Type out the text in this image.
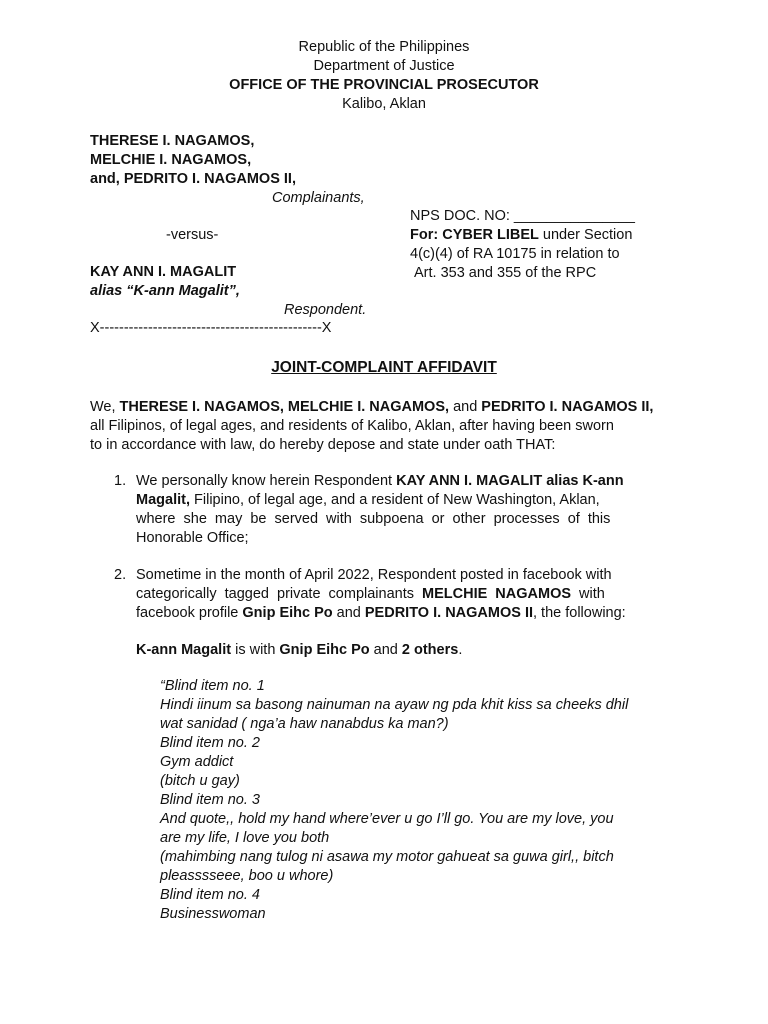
Republic of the Philippines
Department of Justice
OFFICE OF THE PROVINCIAL PROSECUTOR
Kalibo, Aklan
THERESE I. NAGAMOS,
MELCHIE I. NAGAMOS,
and, PEDRITO I. NAGAMOS II,
Complainants,
-versus-
KAY ANN I. MAGALIT
alias “K-ann Magalit”,
Respondent.
X----------------------------------------------X
NPS DOC. NO: _______________
For: CYBER LIBEL under Section
4(c)(4) of RA 10175 in relation to
Art. 353 and 355 of the RPC
JOINT-COMPLAINT AFFIDAVIT
We, THERESE I. NAGAMOS, MELCHIE I. NAGAMOS, and PEDRITO I. NAGAMOS II,
all Filipinos, of legal ages, and residents of Kalibo, Aklan, after having been sworn
to in accordance with law, do hereby depose and state under oath THAT:
1. We personally know herein Respondent KAY ANN I. MAGALIT alias K-ann
Magalit, Filipino, of legal age, and a resident of New Washington, Aklan,
where she may be served with subpoena or other processes of this
Honorable Office;
2. Sometime in the month of April 2022, Respondent posted in facebook with
categorically tagged private complainants MELCHIE NAGAMOS with
facebook profile Gnip Eihc Po and PEDRITO I. NAGAMOS II, the following:
K-ann Magalit is with Gnip Eihc Po and 2 others.
“Blind item no. 1
Hindi iinum sa basong nainuman na ayaw ng pda khit kiss sa cheeks dhil
wat sanidad ( nga’a haw nanabdus ka man?)
Blind item no. 2
Gym addict
(bitch u gay)
Blind item no. 3
And quote,, hold my hand where’ever u go I’ll go. You are my love, you
are my life, I love you both
(mahimbing nang tulog ni asawa my motor gahueat sa guwa girl,, bitch
pleasssseee, boo u whore)
Blind item no. 4
Businesswoman
